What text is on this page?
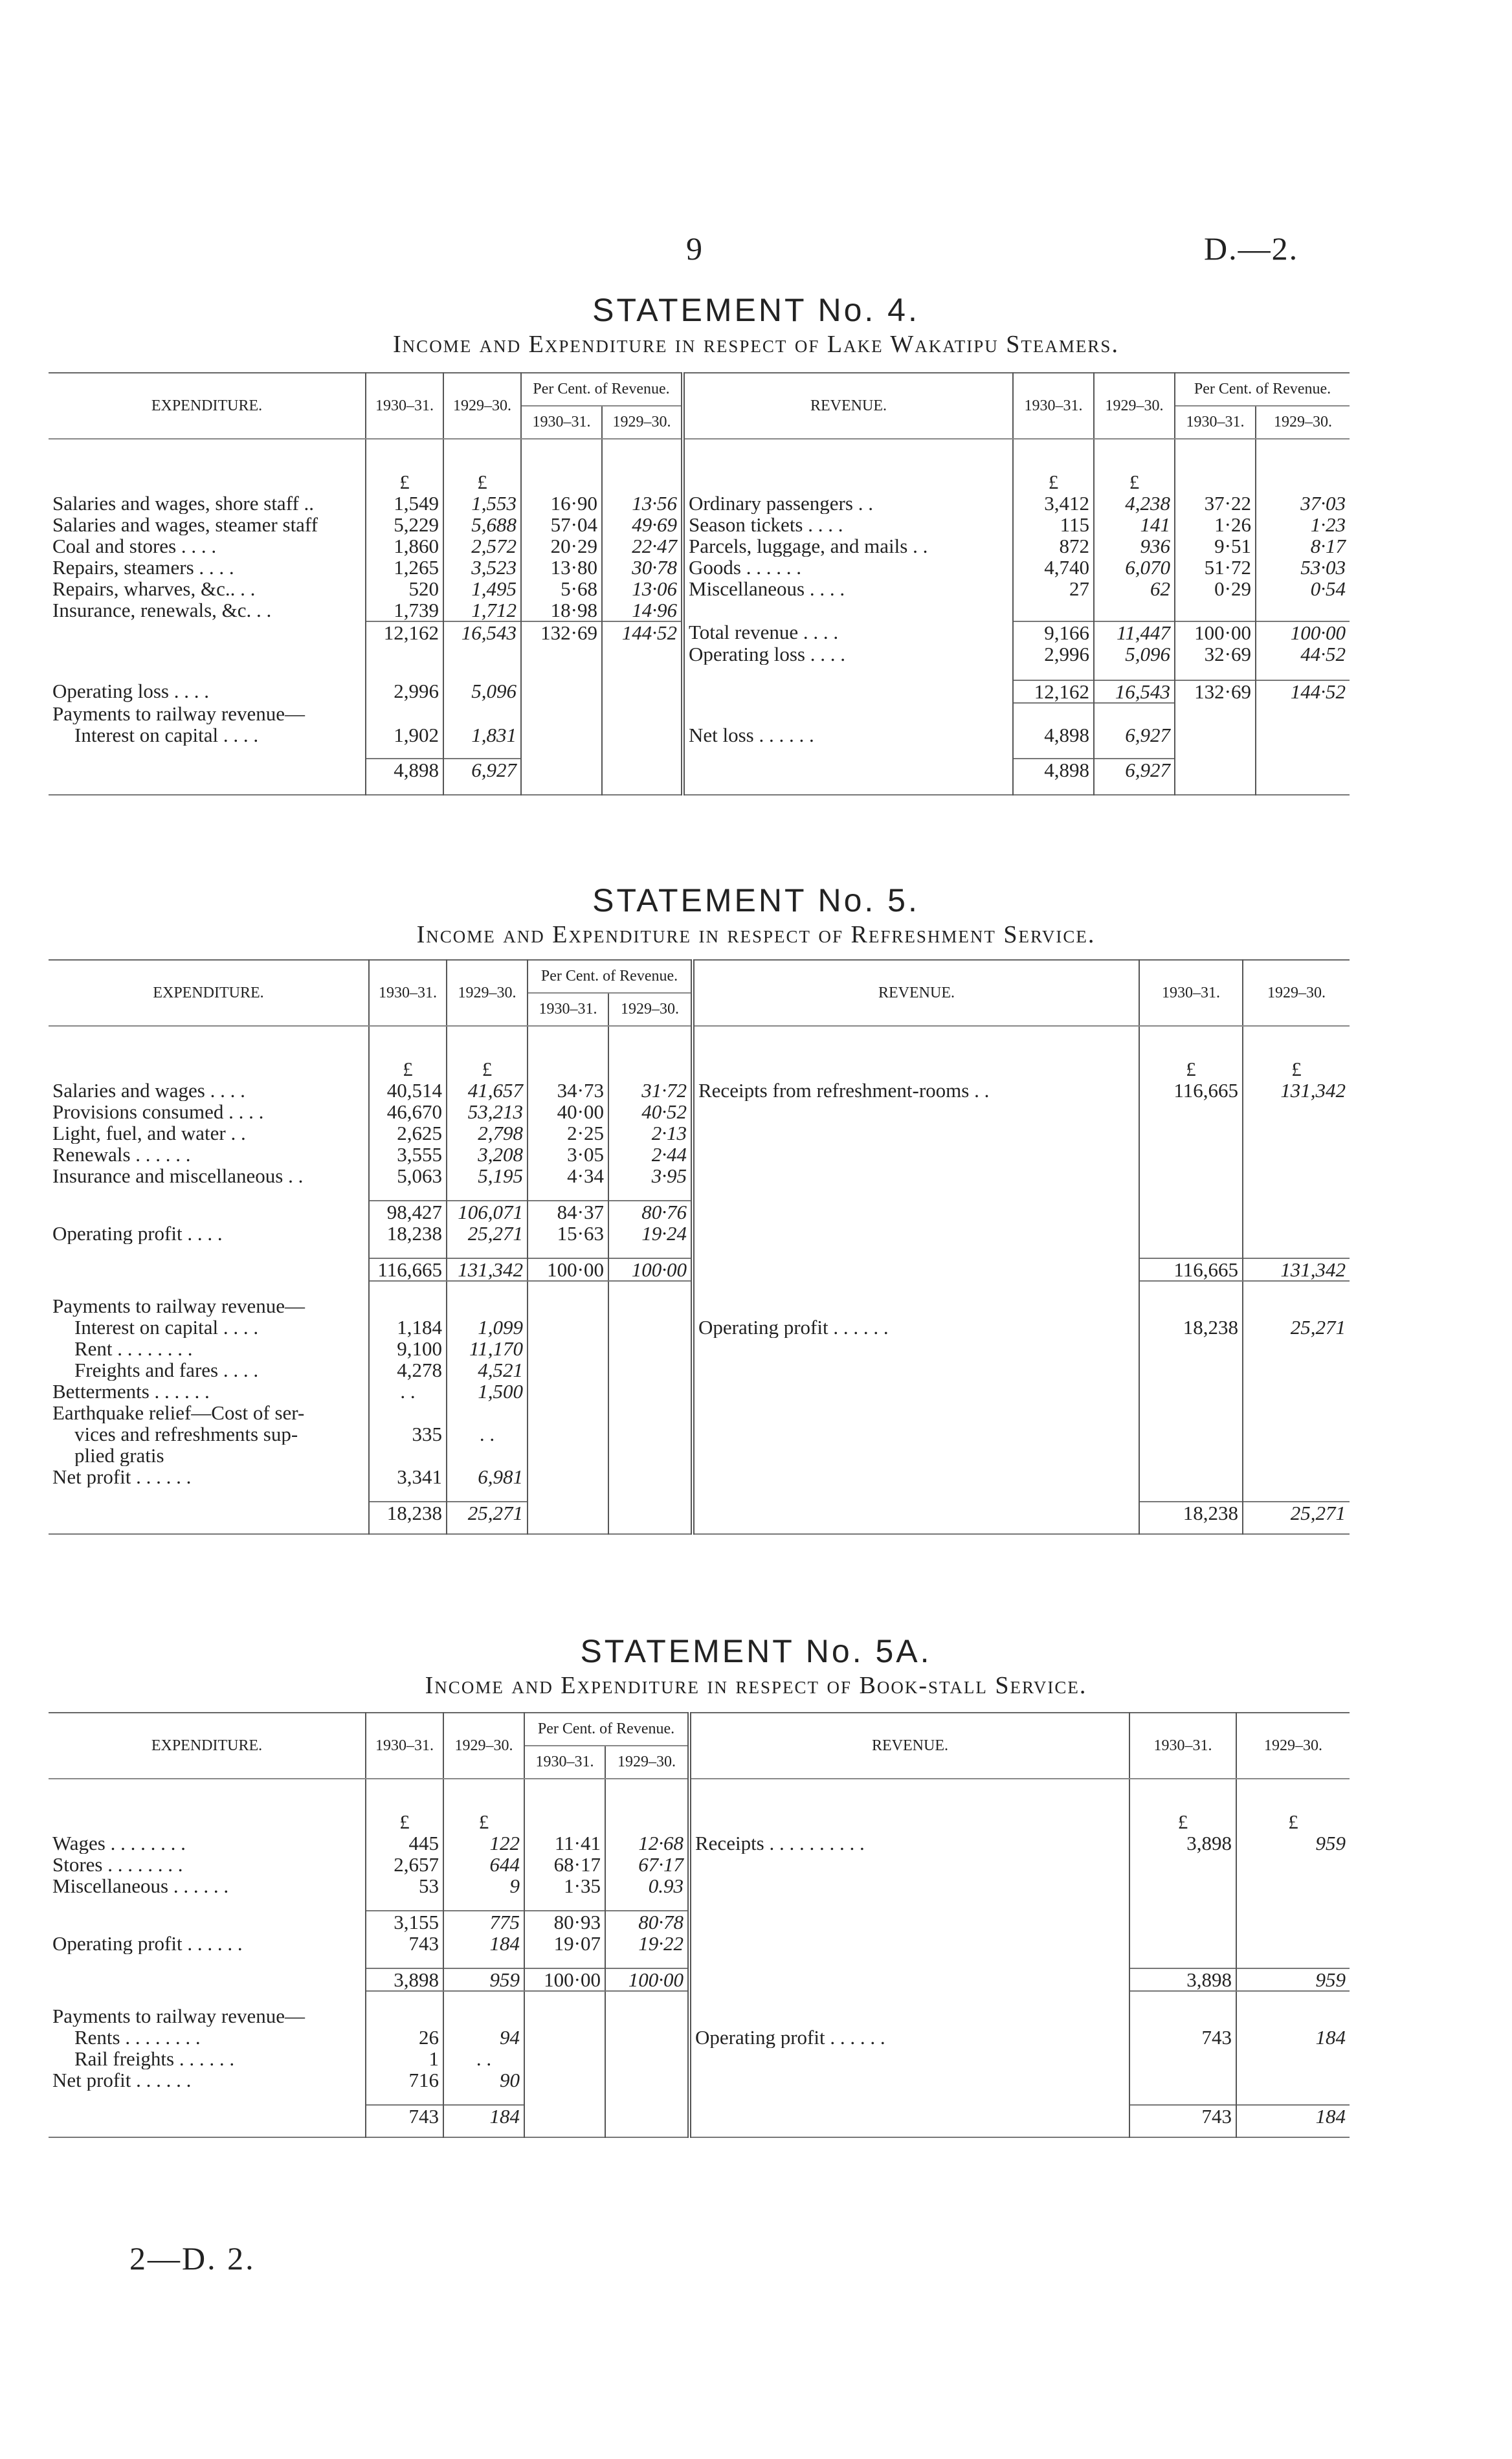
9	D.—2.
STATEMENT No. 4.
Income and Expenditure in respect of Lake Wakatipu Steamers.
EXPENDITURE.	1930–31.	1929–30.	Per Cent. of Revenue.		REVENUE.	1930–31.	1929–30.	Per Cent. of Revenue.	
			1930–31.	1929–30.				1930–31.	1929–30.

	£	£				£	£		
Salaries and wages, shore staff ..	1,549	1,553	16·90	13·56	Ordinary passengers . .	3,412	4,238	37·22	37·03
Salaries and wages, steamer staff	5,229	5,688	57·04	49·69	Season tickets . . . .	115	141	1·26	1·23
Coal and stores . . . .	1,860	2,572	20·29	22·47	Parcels, luggage, and mails . .	872	936	9·51	8·17
Repairs, steamers . . . .	1,265	3,523	13·80	30·78	Goods . . . . . .	4,740	6,070	51·72	53·03
Repairs, wharves, &c.. . .	520	1,495	5·68	13·06	Miscellaneous . . . .	27	62	0·29	0·54
Insurance, renewals, &c. . .	1,739	1,712	18·98	14·96					
	12,162	16,543	132·69	144·52	Total revenue . . . .	9,166	11,447	100·00	100·00
					Operating loss . . . .	2,996	5,096	32·69	44·52

Operating loss . . . .	2,996	5,096				12,162	16,543	132·69	144·52
Payments to railway revenue—									
Interest on capital . . . .	1,902	1,831			Net loss . . . . . .	4,898	6,927		

	4,898	6,927				4,898	6,927		

STATEMENT No. 5.
Income and Expenditure in respect of Refreshment Service.
EXPENDITURE.	1930–31.	1929–30.	Per Cent. of Revenue.		REVENUE.	1930–31.	1929–30.
			1930–31.	1929–30.			

	£	£				£	£
Salaries and wages . . . .	40,514	41,657	34·73	31·72	Receipts from refreshment-rooms . .	116,665	131,342
Provisions consumed . . . .	46,670	53,213	40·00	40·52			
Light, fuel, and water . .	2,625	2,798	2·25	2·13			
Renewals . . . . . .	3,555	3,208	3·05	2·44			
Insurance and miscellaneous . .	5,063	5,195	4·34	3·95			

	98,427	106,071	84·37	80·76			
Operating profit . . . .	18,238	25,271	15·63	19·24			

	116,665	131,342	100·00	100·00		116,665	131,342

Payments to railway revenue—							
Interest on capital . . . .	1,184	1,099			Operating profit . . . . . .	18,238	25,271
Rent . . . . . . . .	9,100	11,170					
Freights and fares . . . .	4,278	4,521					
Betterments . . . . . .	. .	1,500					
Earthquake relief—Cost of ser-							
vices and refreshments sup-	335	. .					
plied gratis							
Net profit . . . . . .	3,341	6,981					

	18,238	25,271				18,238	25,271

STATEMENT No. 5A.
Income and Expenditure in respect of Book-stall Service.
EXPENDITURE.	1930–31.	1929–30.	Per Cent. of Revenue.		REVENUE.	1930–31.	1929–30.
			1930–31.	1929–30.			

	£	£				£	£
Wages . . . . . . . .	445	122	11·41	12·68	Receipts . . . . . . . . . .	3,898	959
Stores . . . . . . . .	2,657	644	68·17	67·17			
Miscellaneous . . . . . .	53	9	1·35	0.93			

	3,155	775	80·93	80·78			
Operating profit . . . . . .	743	184	19·07	19·22			

	3,898	959	100·00	100·00		3,898	959

Payments to railway revenue—							
Rents . . . . . . . .	26	94			Operating profit . . . . . .	743	184
Rail freights . . . . . .	1	. .					
Net profit . . . . . .	716	90					

	743	184				743	184

2—D. 2.
